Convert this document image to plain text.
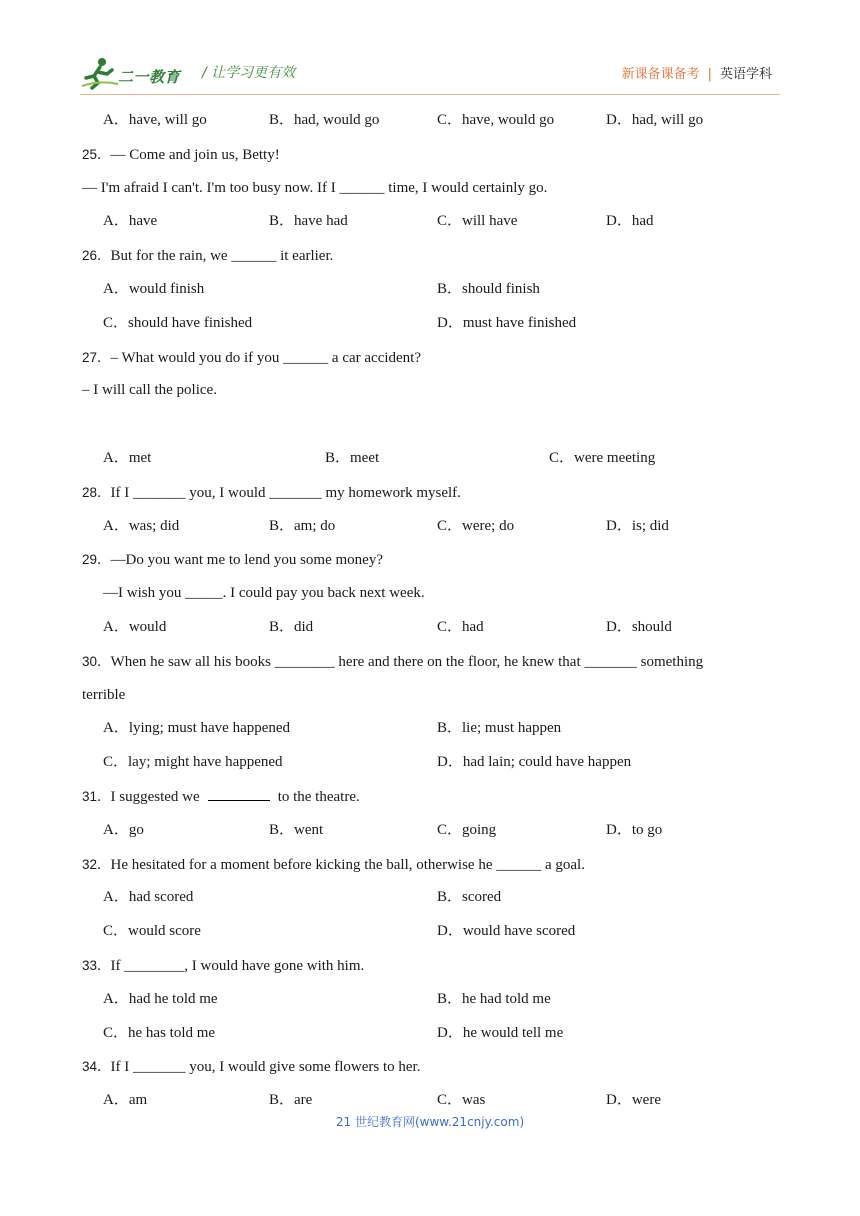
二一教育 / 让学习更有效	新课备课备考 | 英语学科
A．have, will go	B．had, would go	C．have, would go	D．had, will go
25．— Come and join us, Betty!
— I'm afraid I can't. I'm too busy now. If I ______ time, I would certainly go.
A．have	B．have had	C．will have	D．had
26．But for the rain, we ______ it earlier.
A．would finish	B．should finish
C．should have finished	D．must have finished
27．– What would you do if you ______ a car accident?
– I will call the police.
A．met	B．meet	C．were meeting
28．If I _______ you, I would _______ my homework myself.
A．was; did	B．am; do	C．were; do	D．is; did
29．—Do you want me to lend you some money?
—I wish you _____. I could pay you back next week.
A．would	B．did	C．had	D．should
30．When he saw all his books ________ here and there on the floor, he knew that _______ something
terrible
A．lying; must have happened	B．lie; must happen
C．lay; might have happened	D．had lain; could have happen
31．I suggested we	to the theatre.
A．go	B．went	C．going	D．to go
32．He hesitated for a moment before kicking the ball, otherwise he ______ a goal.
A．had scored	B．scored
C．would score	D．would have scored
33．If ________, I would have gone with him.
A．had he told me	B．he had told me
C．he has told me	D．he would tell me
34．If I _______ you, I would give some flowers to her.
A．am	B．are	C．was	D．were
21 世纪教育网(www.21cnjy.com)
